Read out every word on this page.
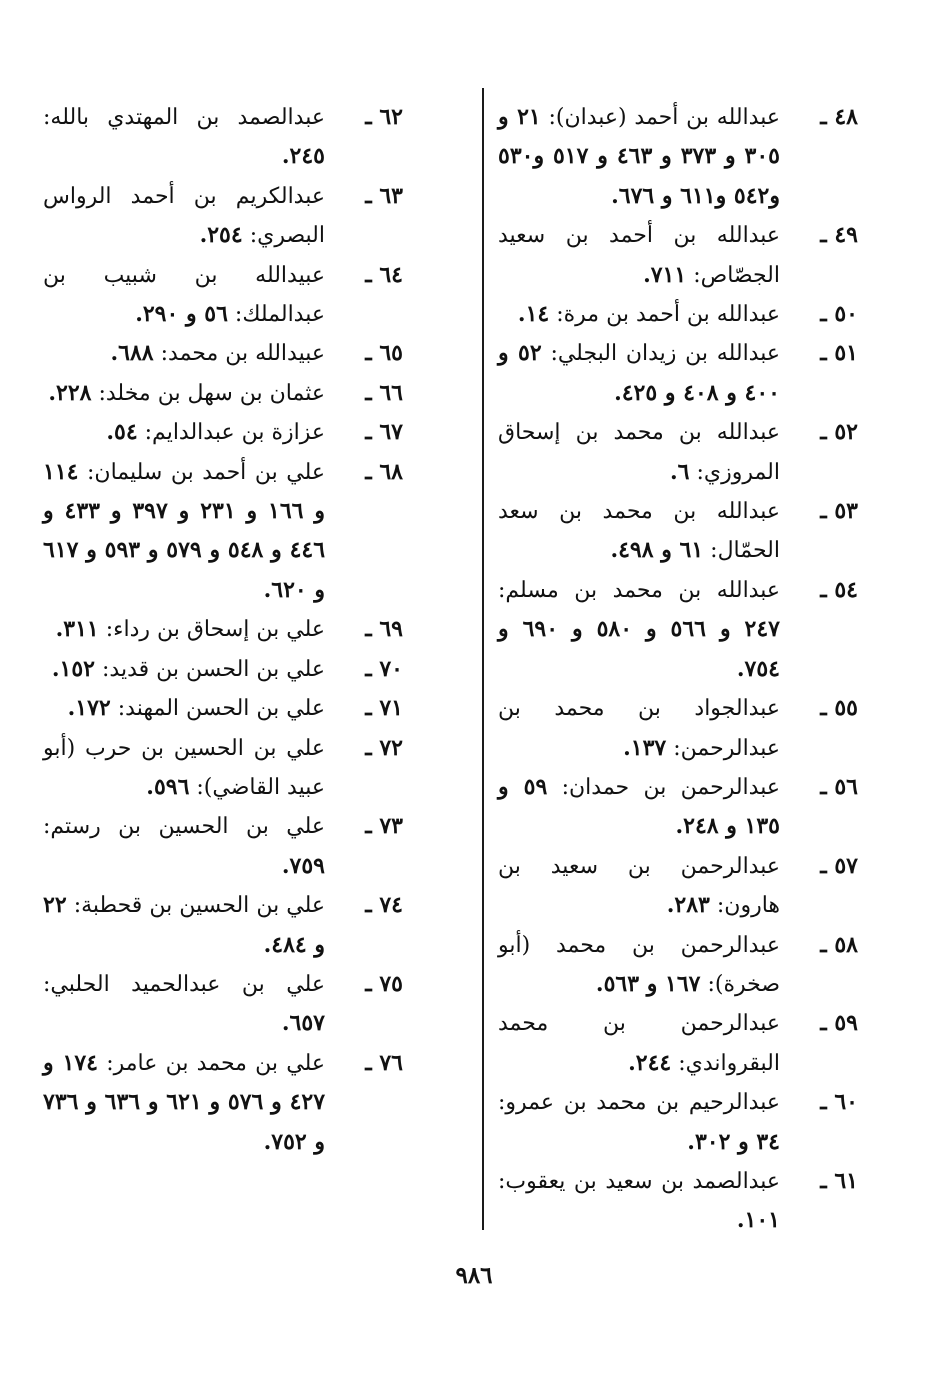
٤٨ ـ
عبدالله بن أحمد (عبدان): ٢١ و ٣٠٥ و ٣٧٣ و ٤٦٣ و ٥١٧ و٥٣٠ و٥٤٢ و٦١١ و ٦٧٦.
٤٩ ـ
عبدالله بن أحمد بن سعيد الجصّاص: ٧١١.
٥٠ ـ
عبدالله بن أحمد بن مرة: ١٤.
٥١ ـ
عبدالله بن زيدان البجلي: ٥٢ و ٤٠٠ و ٤٠٨ و ٤٢٥.
٥٢ ـ
عبدالله بن محمد بن إسحاق المروزي: ٦.
٥٣ ـ
عبدالله بن محمد بن سعد الحمّال: ٦١ و ٤٩٨.
٥٤ ـ
عبدالله بن محمد بن مسلم: ٢٤٧ و ٥٦٦ و ٥٨٠ و ٦٩٠ و ٧٥٤.
٥٥ ـ
عبدالجواد بن محمد بن عبدالرحمن: ١٣٧.
٥٦ ـ
عبدالرحمن بن حمدان: ٥٩ و ١٣٥ و ٢٤٨.
٥٧ ـ
عبدالرحمن بن سعيد بن هارون: ٢٨٣.
٥٨ ـ
عبدالرحمن بن محمد (أبو صخرة): ١٦٧ و ٥٦٣.
٥٩ ـ
عبدالرحمن بن محمد البقرواندي: ٢٤٤.
٦٠ ـ
عبدالرحيم بن محمد بن عمرو: ٣٤ و ٣٠٢.
٦١ ـ
عبدالصمد بن سعيد بن يعقوب: ١٠١.
٦٢ ـ
عبدالصمد بن المهتدي بالله: ٢٤٥.
٦٣ ـ
عبدالكريم بن أحمد الرواس البصري: ٢٥٤.
٦٤ ـ
عبيدالله بن شبيب بن عبدالملك: ٥٦ و ٢٩٠.
٦٥ ـ
عبيدالله بن محمد: ٦٨٨.
٦٦ ـ
عثمان بن سهل بن مخلد: ٢٢٨.
٦٧ ـ
عزازة بن عبدالدايم: ٥٤.
٦٨ ـ
علي بن أحمد بن سليمان: ١١٤ و ١٦٦ و ٢٣١ و ٣٩٧ و ٤٣٣ و ٤٤٦ و ٥٤٨ و ٥٧٩ و ٥٩٣ و ٦١٧ و ٦٢٠.
٦٩ ـ
علي بن إسحاق بن رداء: ٣١١.
٧٠ ـ
علي بن الحسن بن قديد: ١٥٢.
٧١ ـ
علي بن الحسن المهند: ١٧٢.
٧٢ ـ
علي بن الحسين بن حرب (أبو عبيد القاضي): ٥٩٦.
٧٣ ـ
علي بن الحسين بن رستم: ٧٥٩.
٧٤ ـ
علي بن الحسين بن قحطبة: ٢٢ و ٤٨٤.
٧٥ ـ
علي بن عبدالحميد الحلبي: ٦٥٧.
٧٦ ـ
علي بن محمد بن عامر: ١٧٤ و ٤٢٧ و ٥٧٦ و ٦٢١ و ٦٣٦ و ٧٣٦ و ٧٥٢.
٩٨٦
